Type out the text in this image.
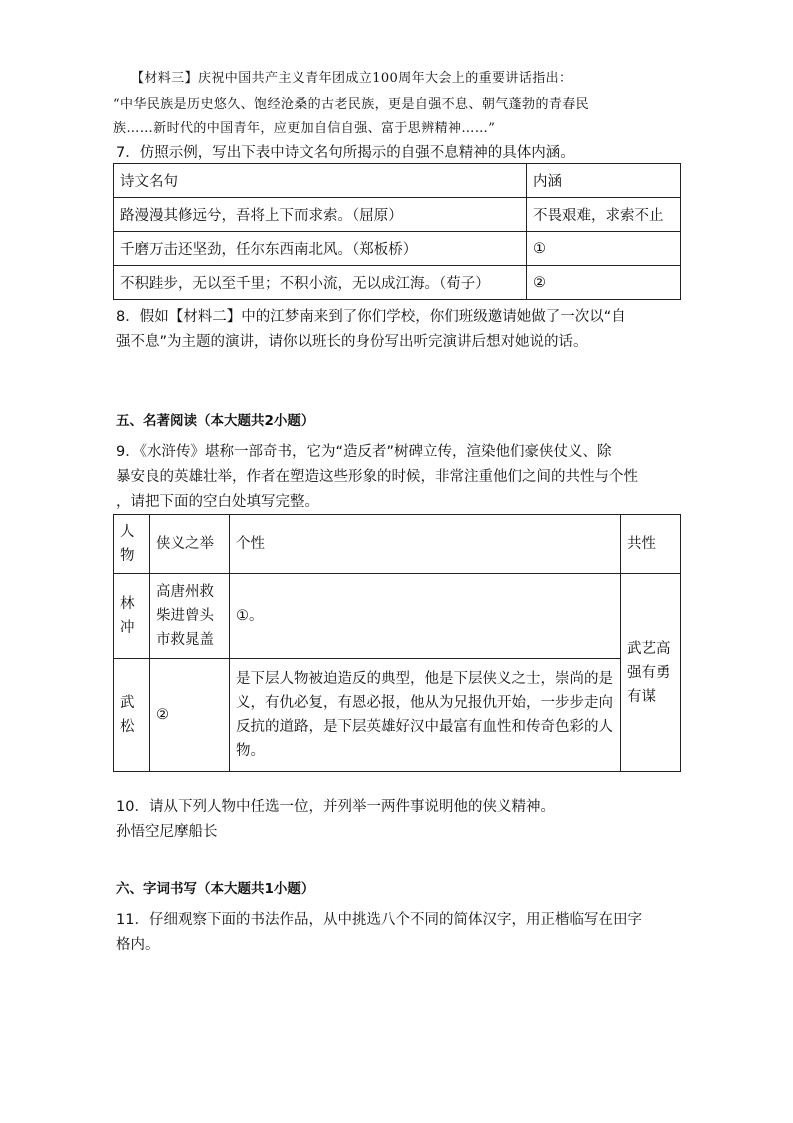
【材料三】庆祝中国共产主义青年团成立100周年大会上的重要讲话指出：
“中华民族是历史悠久、饱经沧桑的古老民族，更是自强不息、朝气蓬勃的青春民
族……新时代的中国青年，应更加自信自强、富于思辨精神……”
7．仿照示例，写出下表中诗文名句所揭示的自强不息精神的具体内涵。
诗文名句	内涵
路漫漫其修远兮，吾将上下而求索。（屈原）	不畏艰难，求索不止
千磨万击还坚劲，任尔东西南北风。（郑板桥）	①
不积跬步，无以至千里；不积小流，无以成江海。（荀子）	②
8．假如【材料二】中的江梦南来到了你们学校，你们班级邀请她做了一次以“自
强不息”为主题的演讲，请你以班长的身份写出听完演讲后想对她说的话。
五、名著阅读（本大题共2小题）
9．《水浒传》堪称一部奇书，它为“造反者”树碑立传，渲染他们豪侠仗义、除
暴安良的英雄壮举，作者在塑造这些形象的时候，非常注重他们之间的共性与个性
，请把下面的空白处填写完整。
人物	侠义之举	个性	共性
林冲	高唐州救柴进曾头市救晁盖	①。	武艺高强有勇有谋
武松	②	是下层人物被迫造反的典型，他是下层侠义之士，崇尚的是义，有仇必复，有恩必报，他从为兄报仇开始，一步步走向反抗的道路，是下层英雄好汉中最富有血性和传奇色彩的人物。	
10．请从下列人物中任选一位，并列举一两件事说明他的侠义精神。
孙悟空尼摩船长
六、字词书写（本大题共1小题）
11．仔细观察下面的书法作品，从中挑选八个不同的简体汉字，用正楷临写在田字
格内。
